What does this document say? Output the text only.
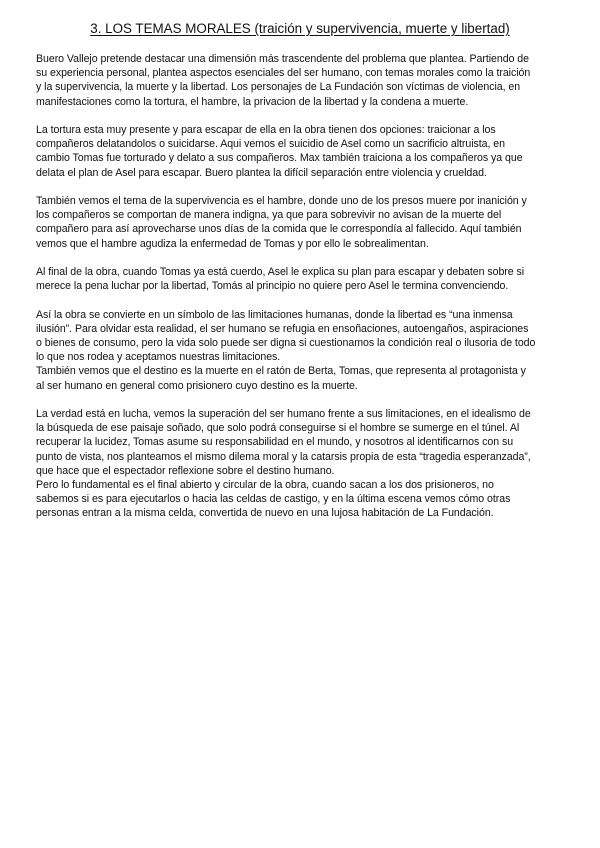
3. LOS TEMAS MORALES (traición y supervivencia, muerte y libertad)

Buero Vallejo pretende destacar una dimensión más trascendente del problema que plantea. Partiendo de

su experiencia personal, plantea aspectos esenciales del ser humano, con temas morales como la traición

y la supervivencia, la muerte y la libertad. Los personajes de La Fundación son víctimas de violencia, en

manifestaciones como la tortura, el hambre, la privacion de la libertad y la condena a muerte.

La tortura esta muy presente y para escapar de ella en la obra tienen dos opciones: traicionar a los

compañeros delatandolos o suicidarse. Aqui vemos el suicidio de Asel como un sacrificio altruista, en

cambio Tomas fue torturado y delato a sus compañeros. Max también traiciona a los compañeros ya que

delata el plan de Asel para escapar. Buero plantea la difícil separación entre violencia y crueldad.

También vemos el tema de la supervivencia es el hambre, donde uno de los presos muere por inanición y

los compañeros se comportan de manera indigna, ya que para sobrevivir no avisan de la muerte del

compañero para así aprovecharse unos días de la comida que le correspondía al fallecido. Aquí también

vemos que el hambre agudiza la enfermedad de Tomas y por ello le sobrealimentan.

Al final de la obra, cuando Tomas ya está cuerdo, Asel le explica su plan para escapar y debaten sobre si

merece la pena luchar por la libertad, Tomás al principio no quiere pero Asel le termina convenciendo.

Así la obra se convierte en un símbolo de las limitaciones humanas, donde la libertad es “una inmensa

ilusión”. Para olvidar esta realidad, el ser humano se refugia en ensoñaciones, autoengaños, aspiraciones

o bienes de consumo, pero la vida solo puede ser digna si cuestionamos la condición real o ilusoria de todo

lo que nos rodea y aceptamos nuestras limitaciones.

También vemos que el destino es la muerte en el ratón de Berta, Tomas, que representa al protagonista y

al ser humano en general como prisionero cuyo destino es la muerte.

La verdad está en lucha, vemos la superación del ser humano frente a sus limitaciones, en el idealismo de

la búsqueda de ese paisaje soñado, que solo podrá conseguirse si el hombre se sumerge en el túnel. Al

recuperar la lucidez, Tomas asume su responsabilidad en el mundo, y nosotros al identificarnos con su

punto de vista, nos planteamos el mismo dilema moral y la catarsis propia de esta “tragedia esperanzada”,

que hace que el espectador reflexione sobre el destino humano.

Pero lo fundamental es el final abierto y circular de la obra, cuando sacan a los dos prisioneros, no

sabemos si es para ejecutarlos o hacia las celdas de castigo, y en la última escena vemos cómo otras

personas entran a la misma celda, convertida de nuevo en una lujosa habitación de La Fundación.
